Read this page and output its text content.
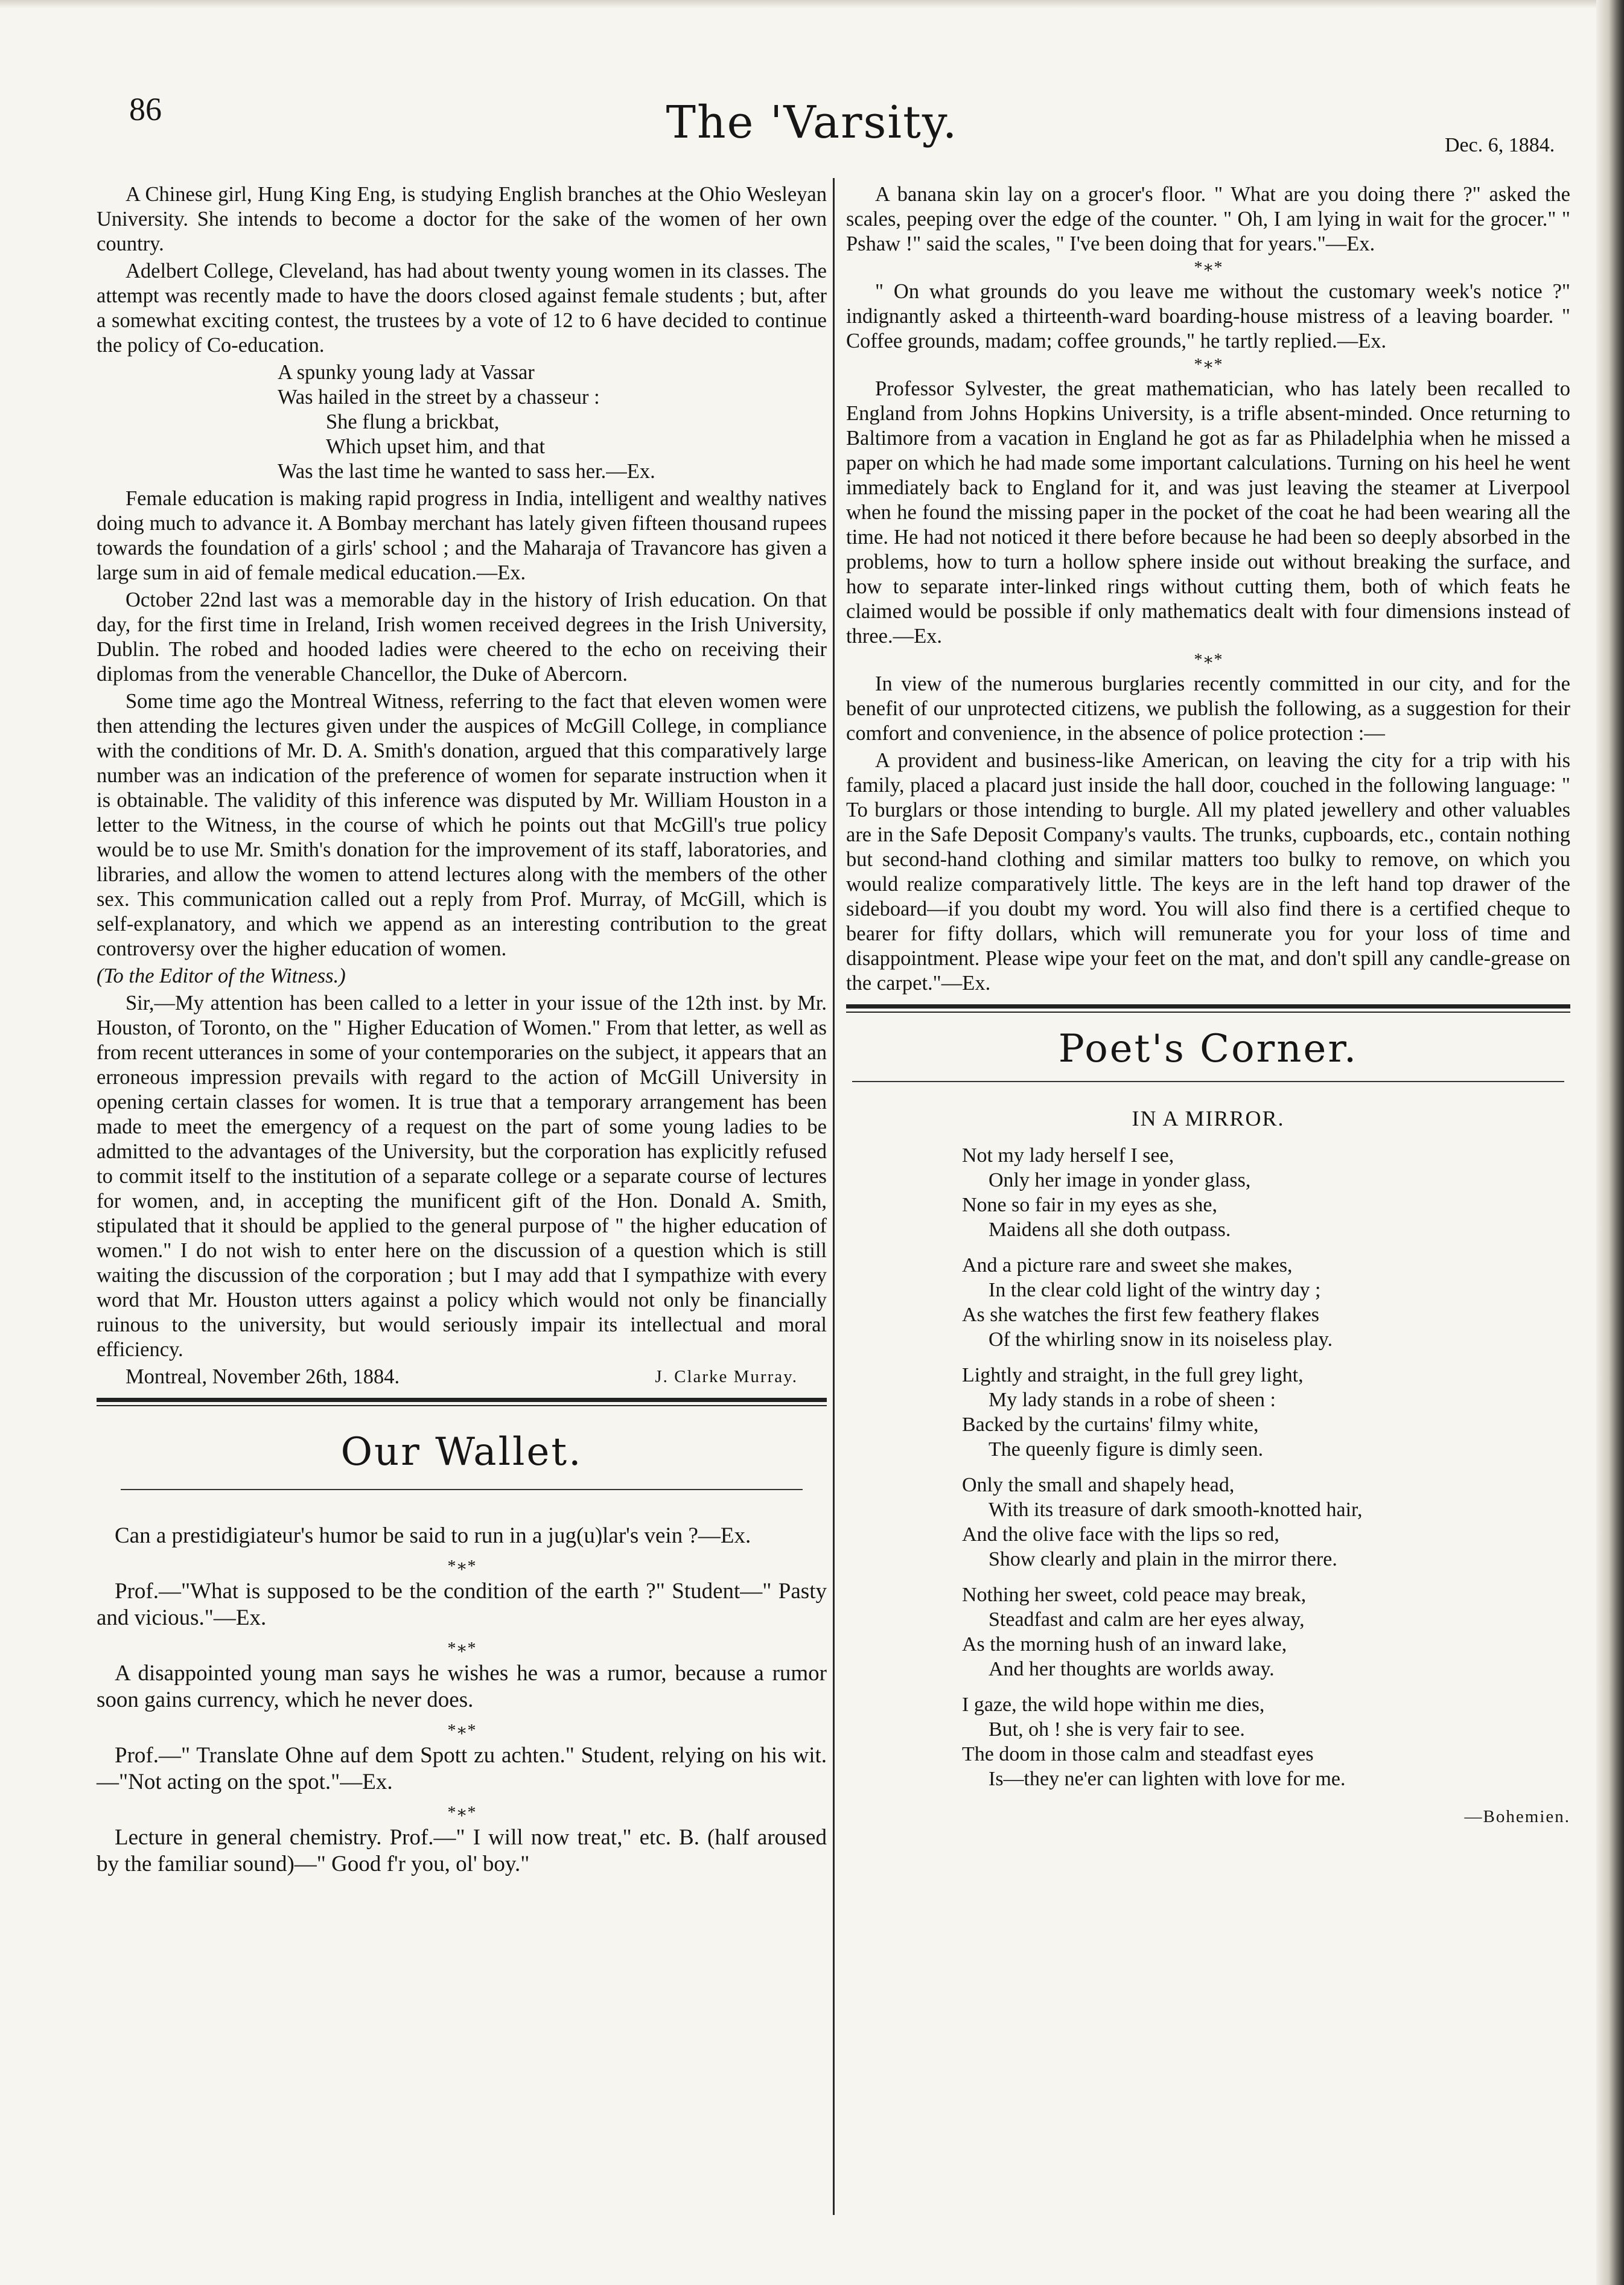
86	The 'Varsity.	Dec. 6, 1884.

A Chinese girl, Hung King Eng, is studying English branches at the Ohio Wesleyan University. She intends to become a doctor for the sake of the women of her own country.

Adelbert College, Cleveland, has had about twenty young women in its classes. The attempt was recently made to have the doors closed against female students ; but, after a somewhat exciting contest, the trustees by a vote of 12 to 6 have decided to continue the policy of Co-education.

A spunky young lady at Vassar
Was hailed in the street by a chasseur :
She flung a brickbat,
Which upset him, and that
Was the last time he wanted to sass her.—Ex.

Female education is making rapid progress in India, intelligent and wealthy natives doing much to advance it. A Bombay merchant has lately given fifteen thousand rupees towards the foundation of a girls' school ; and the Maharaja of Travancore has given a large sum in aid of female medical education.—Ex.

October 22nd last was a memorable day in the history of Irish education. On that day, for the first time in Ireland, Irish women received degrees in the Irish University, Dublin. The robed and hooded ladies were cheered to the echo on receiving their diplomas from the venerable Chancellor, the Duke of Abercorn.

Some time ago the Montreal Witness, referring to the fact that eleven women were then attending the lectures given under the auspices of McGill College, in compliance with the conditions of Mr. D. A. Smith's donation, argued that this comparatively large number was an indication of the preference of women for separate instruction when it is obtainable. The validity of this inference was disputed by Mr. William Houston in a letter to the Witness, in the course of which he points out that McGill's true policy would be to use Mr. Smith's donation for the improvement of its staff, laboratories, and libraries, and allow the women to attend lectures along with the members of the other sex. This communication called out a reply from Prof. Murray, of McGill, which is self-explanatory, and which we append as an interesting contribution to the great controversy over the higher education of women.

(To the Editor of the Witness.)

Sir,—My attention has been called to a letter in your issue of the 12th inst. by Mr. Houston, of Toronto, on the " Higher Education of Women." From that letter, as well as from recent utterances in some of your contemporaries on the subject, it appears that an erroneous impression prevails with regard to the action of McGill University in opening certain classes for women. It is true that a temporary arrangement has been made to meet the emergency of a request on the part of some young ladies to be admitted to the advantages of the University, but the corporation has explicitly refused to commit itself to the institution of a separate college or a separate course of lectures for women, and, in accepting the munificent gift of the Hon. Donald A. Smith, stipulated that it should be applied to the general purpose of " the higher education of women." I do not wish to enter here on the discussion of a question which is still waiting the discussion of the corporation ; but I may add that I sympathize with every word that Mr. Houston utters against a policy which would not only be financially ruinous to the university, but would seriously impair its intellectual and moral efficiency.

Montreal, November 26th, 1884.	J. Clarke Murray.
Our Wallet.

Can a prestidigiateur's humor be said to run in a jug(u)lar's vein ?—Ex.

*∗*

Prof.—"What is supposed to be the condition of the earth ?" Student—" Pasty and vicious."—Ex.

*∗*

A disappointed young man says he wishes he was a rumor, because a rumor soon gains currency, which he never does.

*∗*

Prof.—" Translate Ohne auf dem Spott zu achten." Student, relying on his wit.—"Not acting on the spot."—Ex.

*∗*

Lecture in general chemistry. Prof.—" I will now treat," etc. B. (half aroused by the familiar sound)—" Good f'r you, ol' boy."

A banana skin lay on a grocer's floor. " What are you doing there ?" asked the scales, peeping over the edge of the counter. " Oh, I am lying in wait for the grocer." " Pshaw !" said the scales, " I've been doing that for years."—Ex.

*∗*

" On what grounds do you leave me without the customary week's notice ?" indignantly asked a thirteenth-ward boarding-house mistress of a leaving boarder. " Coffee grounds, madam; coffee grounds," he tartly replied.—Ex.

*∗*

Professor Sylvester, the great mathematician, who has lately been recalled to England from Johns Hopkins University, is a trifle absent-minded. Once returning to Baltimore from a vacation in England he got as far as Philadelphia when he missed a paper on which he had made some important calculations. Turning on his heel he went immediately back to England for it, and was just leaving the steamer at Liverpool when he found the missing paper in the pocket of the coat he had been wearing all the time. He had not noticed it there before because he had been so deeply absorbed in the problems, how to turn a hollow sphere inside out without breaking the surface, and how to separate inter-linked rings without cutting them, both of which feats he claimed would be possible if only mathematics dealt with four dimensions instead of three.—Ex.

*∗*

In view of the numerous burglaries recently committed in our city, and for the benefit of our unprotected citizens, we publish the following, as a suggestion for their comfort and convenience, in the absence of police protection :—

A provident and business-like American, on leaving the city for a trip with his family, placed a placard just inside the hall door, couched in the following language: " To burglars or those intending to burgle. All my plated jewellery and other valuables are in the Safe Deposit Company's vaults. The trunks, cupboards, etc., contain nothing but second-hand clothing and similar matters too bulky to remove, on which you would realize comparatively little. The keys are in the left hand top drawer of the sideboard—if you doubt my word. You will also find there is a certified cheque to bearer for fifty dollars, which will remunerate you for your loss of time and disappointment. Please wipe your feet on the mat, and don't spill any candle-grease on the carpet."—Ex.

Poet's Corner.
IN A MIRROR.
Not my lady herself I see,
Only her image in yonder glass,
None so fair in my eyes as she,
Maidens all she doth outpass.
And a picture rare and sweet she makes,
In the clear cold light of the wintry day ;
As she watches the first few feathery flakes
Of the whirling snow in its noiseless play.
Lightly and straight, in the full grey light,
My lady stands in a robe of sheen :
Backed by the curtains' filmy white,
The queenly figure is dimly seen.
Only the small and shapely head,
With its treasure of dark smooth-knotted hair,
And the olive face with the lips so red,
Show clearly and plain in the mirror there.
Nothing her sweet, cold peace may break,
Steadfast and calm are her eyes alway,
As the morning hush of an inward lake,
And her thoughts are worlds away.
I gaze, the wild hope within me dies,
But, oh ! she is very fair to see.
The doom in those calm and steadfast eyes
Is—they ne'er can lighten with love for me.
—Bohemien.
